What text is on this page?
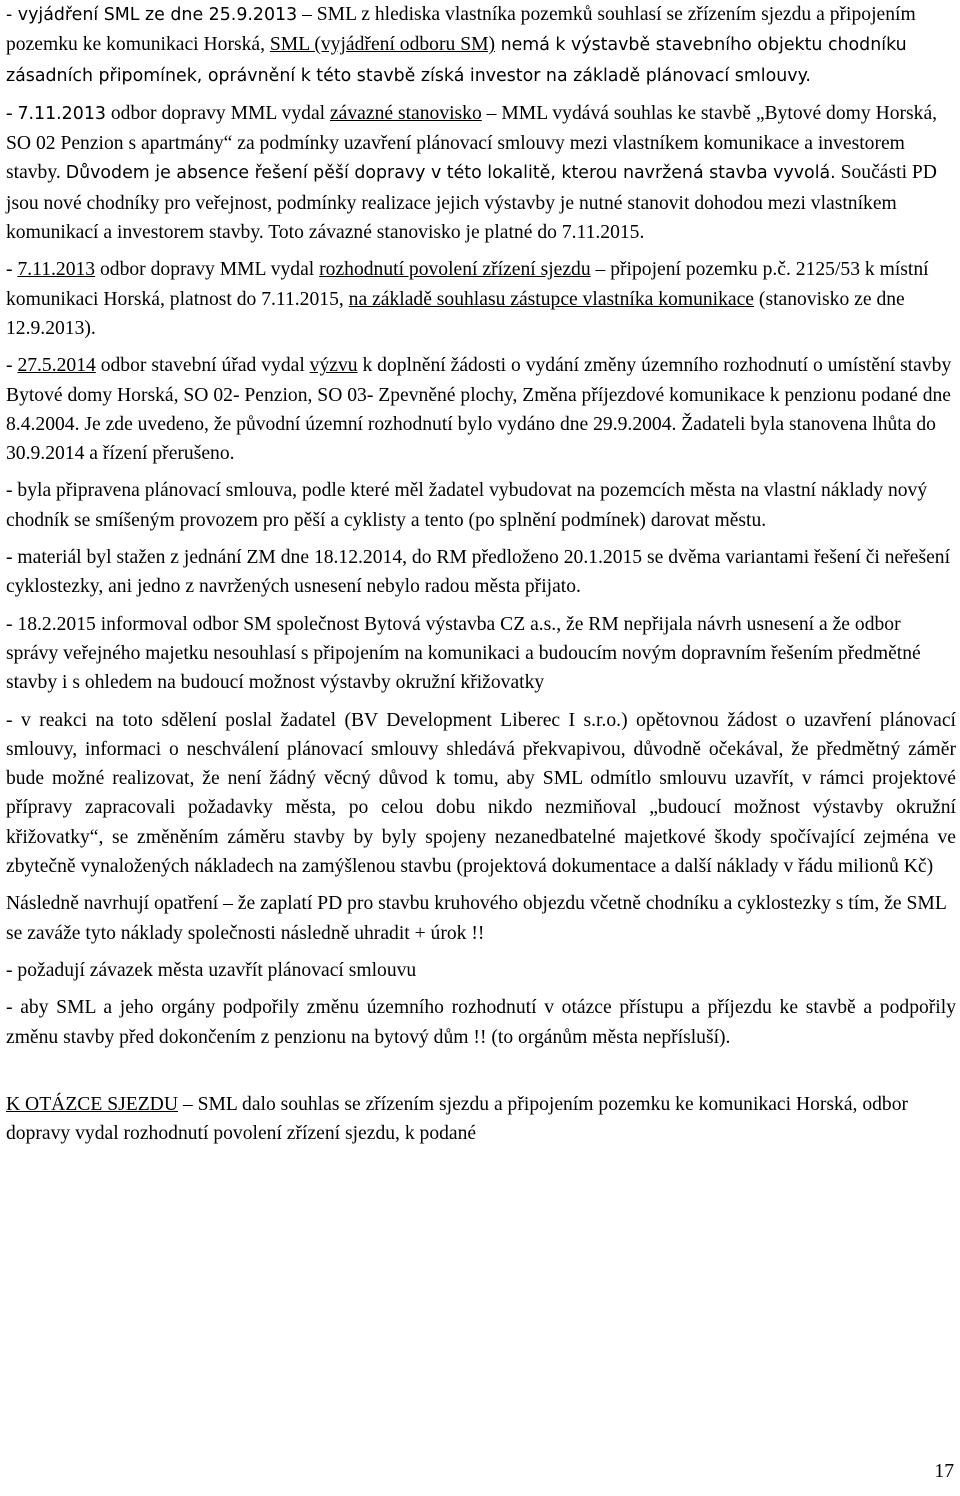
- vyjádření SML ze dne 25.9.2013 – SML z hlediska vlastníka pozemků souhlasí se zřízením sjezdu a připojením pozemku ke komunikaci Horská, SML (vyjádření odboru SM) nemá k výstavbě stavebního objektu chodníku zásadních připomínek, oprávnění k této stavbě získá investor na základě plánovací smlouvy.

- 7.11.2013 odbor dopravy MML vydal závazné stanovisko – MML vydává souhlas ke stavbě „Bytové domy Horská, SO 02 Penzion s apartmány“ za podmínky uzavření plánovací smlouvy mezi vlastníkem komunikace a investorem stavby. Důvodem je absence řešení pěší dopravy v této lokalitě, kterou navržená stavba vyvolá. Součásti PD jsou nové chodníky pro veřejnost, podmínky realizace jejich výstavby je nutné stanovit dohodou mezi vlastníkem komunikací a investorem stavby. Toto závazné stanovisko je platné do 7.11.2015.

- 7.11.2013 odbor dopravy MML vydal rozhodnutí povolení zřízení sjezdu – připojení pozemku p.č. 2125/53 k místní komunikaci Horská, platnost do 7.11.2015, na základě souhlasu zástupce vlastníka komunikace (stanovisko ze dne 12.9.2013).

- 27.5.2014 odbor stavební úřad vydal výzvu k doplnění žádosti o vydání změny územního rozhodnutí o umístění stavby Bytové domy Horská, SO 02- Penzion, SO 03- Zpevněné plochy, Změna příjezdové komunikace k penzionu podané dne 8.4.2004. Je zde uvedeno, že původní územní rozhodnutí bylo vydáno dne 29.9.2004. Žadateli byla stanovena lhůta do 30.9.2014 a řízení přerušeno.

- byla připravena plánovací smlouva, podle které měl žadatel vybudovat na pozemcích města na vlastní náklady nový chodník se smíšeným provozem pro pěší a cyklisty a tento (po splnění podmínek) darovat městu.

- materiál byl stažen z jednání ZM dne 18.12.2014, do RM předloženo 20.1.2015 se dvěma variantami řešení či neřešení cyklostezky, ani jedno z navržených usnesení nebylo radou města přijato.

- 18.2.2015 informoval odbor SM společnost Bytová výstavba CZ a.s., že RM nepřijala návrh usnesení a že odbor správy veřejného majetku nesouhlasí s připojením na komunikaci a budoucím novým dopravním řešením předmětné stavby i s ohledem na budoucí možnost výstavby okružní křižovatky

- v reakci na toto sdělení poslal žadatel (BV Development Liberec I s.r.o.) opětovnou žádost o uzavření plánovací smlouvy, informaci o neschválení plánovací smlouvy shledává překvapivou, důvodně očekával, že předmětný záměr bude možné realizovat, že není žádný věcný důvod k tomu, aby SML odmítlo smlouvu uzavřít, v rámci projektové přípravy zapracovali požadavky města, po celou dobu nikdo nezmiňoval „budoucí možnost výstavby okružní křižovatky“, se změněním záměru stavby by byly spojeny nezanedbatelné majetkové škody spočívající zejména ve zbytečně vynaložených nákladech na zamýšlenou stavbu (projektová dokumentace a další náklady v řádu milionů Kč)

Následně navrhují opatření – že zaplatí PD pro stavbu kruhového objezdu včetně chodníku a cyklostezky s tím, že SML se zaváže tyto náklady společnosti následně uhradit + úrok !!

- požadují závazek města uzavřít plánovací smlouvu

- aby SML a jeho orgány podpořily změnu územního rozhodnutí v otázce přístupu a příjezdu ke stavbě a podpořily změnu stavby před dokončením z penzionu na bytový dům !! (to orgánům města nepřísluší).

K OTÁZCE SJEZDU – SML dalo souhlas se zřízením sjezdu a připojením pozemku ke komunikaci Horská, odbor dopravy vydal rozhodnutí povolení zřízení sjezdu, k podané

17
